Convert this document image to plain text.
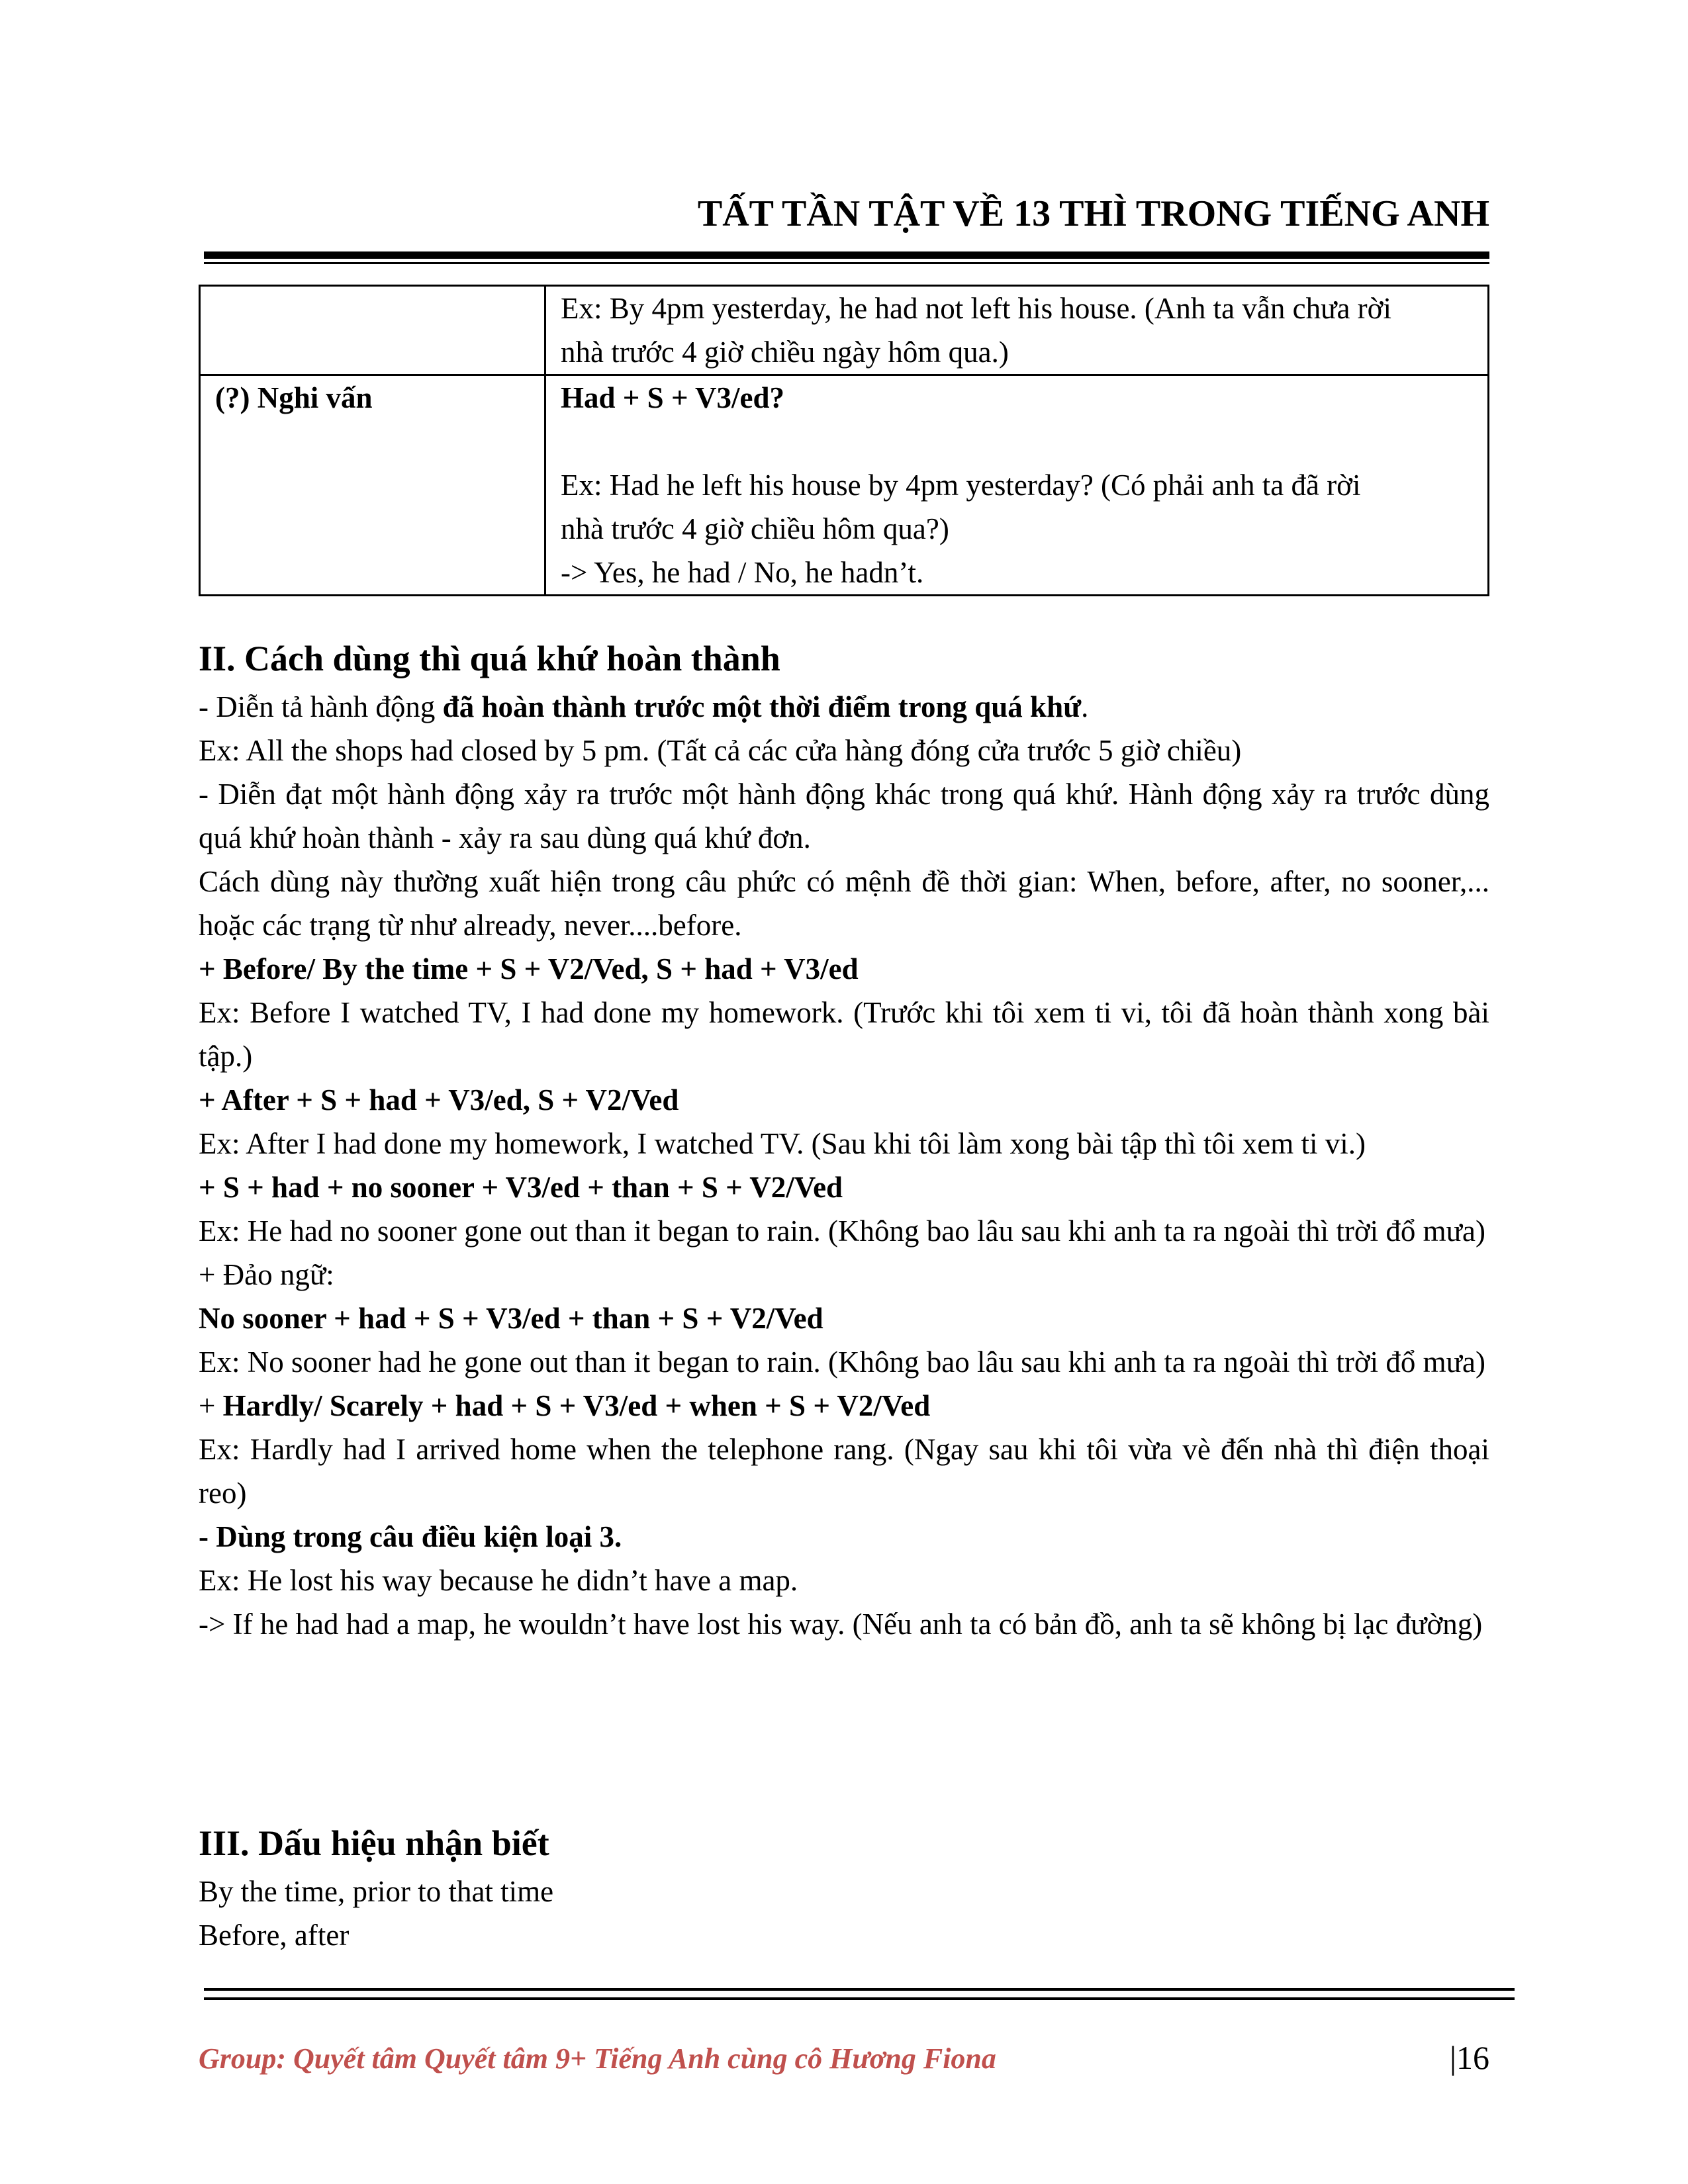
TẤT TẦN TẬT VỀ 13 THÌ TRONG TIẾNG ANH

	Ex: By 4pm yesterday, he had not left his house. (Anh ta vẫn chưa rời
nhà trước 4 giờ chiều ngày hôm qua.)

(?) Nghi vấn	Had + S + V3/ed?
Ex: Had he left his house by 4pm yesterday? (Có phải anh ta đã rời
nhà trước 4 giờ chiều hôm qua?)
-> Yes, he had / No, he hadn’t.
II. Cách dùng thì quá khứ hoàn thành

- Diễn tả hành động đã hoàn thành trước một thời điểm trong quá khứ.

Ex: All the shops had closed by 5 pm. (Tất cả các cửa hàng đóng cửa trước 5 giờ chiều)

- Diễn đạt một hành động xảy ra trước một hành động khác trong quá khứ. Hành động xảy ra trước dùng quá khứ hoàn thành - xảy ra sau dùng quá khứ đơn.

Cách dùng này thường xuất hiện trong câu phức có mệnh đề thời gian: When, before, after, no sooner,... hoặc các trạng từ như already, never....before.

+ Before/ By the time + S + V2/Ved, S + had + V3/ed

Ex: Before I watched TV, I had done my homework. (Trước khi tôi xem ti vi, tôi đã hoàn thành xong bài tập.)

+ After + S + had + V3/ed, S + V2/Ved

Ex: After I had done my homework, I watched TV. (Sau khi tôi làm xong bài tập thì tôi xem ti vi.)

+ S + had + no sooner + V3/ed + than + S + V2/Ved

Ex: He had no sooner gone out than it began to rain. (Không bao lâu sau khi anh ta ra ngoài thì trời đổ mưa)

+ Đảo ngữ:

No sooner + had + S + V3/ed + than + S + V2/Ved

Ex: No sooner had he gone out than it began to rain. (Không bao lâu sau khi anh ta ra ngoài thì trời đổ mưa)

+ Hardly/ Scarely + had + S + V3/ed + when + S + V2/Ved

Ex: Hardly had I arrived home when the telephone rang. (Ngay sau khi tôi vừa vè đến nhà thì điện thoại reo)

- Dùng trong câu điều kiện loại 3.

Ex: He lost his way because he didn’t have a map.

-> If he had had a map, he wouldn’t have lost his way. (Nếu anh ta có bản đồ, anh ta sẽ không bị lạc đường)

III. Dấu hiệu nhận biết

By the time, prior to that time

Before, after

Group: Quyết tâm Quyết tâm 9+ Tiếng Anh cùng cô Hương Fiona	|16
